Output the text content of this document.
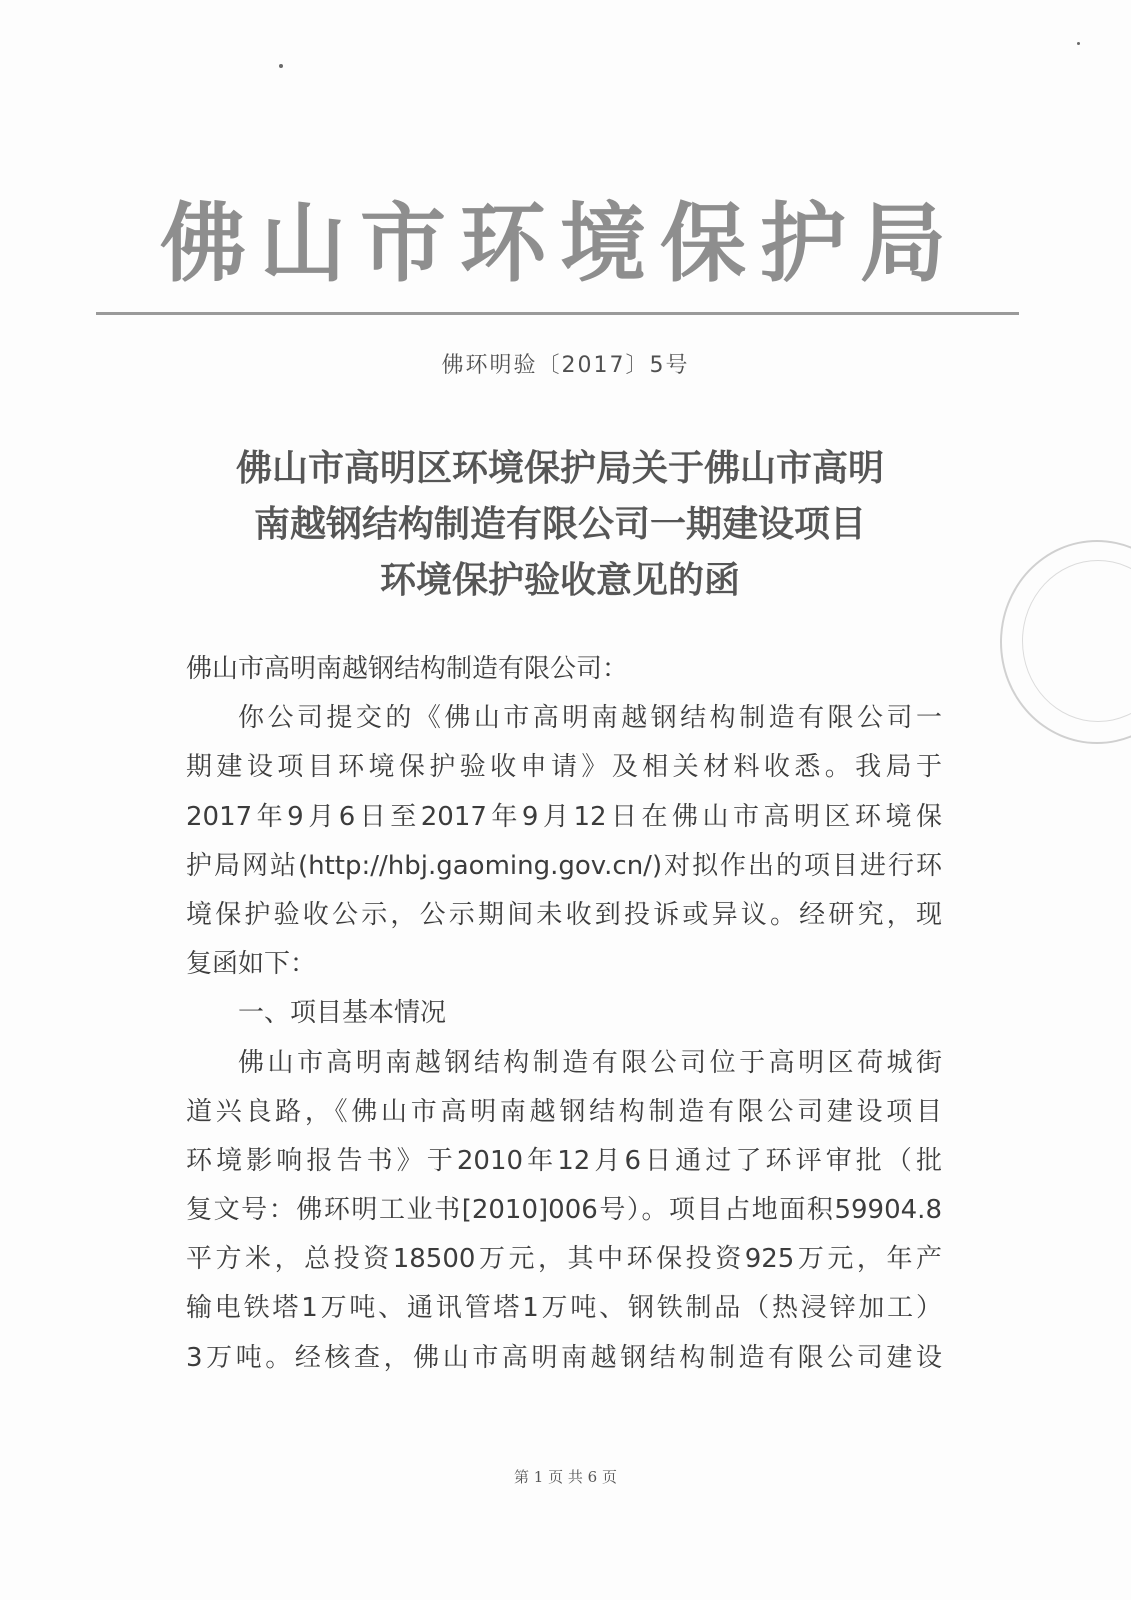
佛山市环境保护局
佛环明验〔2017〕5号
佛山市高明区环境保护局关于佛山市高明
南越钢结构制造有限公司一期建设项目
环境保护验收意见的函
佛山市高明南越钢结构制造有限公司：
你公司提交的《佛山市高明南越钢结构制造有限公司一
期建设项目环境保护验收申请》及相关材料收悉。我局于
2017年9月6日至2017年9月12日在佛山市高明区环境保
护局网站(http://hbj.gaoming.gov.cn/)对拟作出的项目进行环
境保护验收公示，公示期间未收到投诉或异议。经研究，现
复函如下：
一、项目基本情况
佛山市高明南越钢结构制造有限公司位于高明区荷城街
道兴良路，《佛山市高明南越钢结构制造有限公司建设项目
环境影响报告书》于2010年12月6日通过了环评审批（批
复文号：佛环明工业书[2010]006号）。项目占地面积59904.8
平方米，总投资18500万元，其中环保投资925万元，年产
输电铁塔1万吨、通讯管塔1万吨、钢铁制品（热浸锌加工）
3万吨。经核查，佛山市高明南越钢结构制造有限公司建设
第 1 页 共 6 页
